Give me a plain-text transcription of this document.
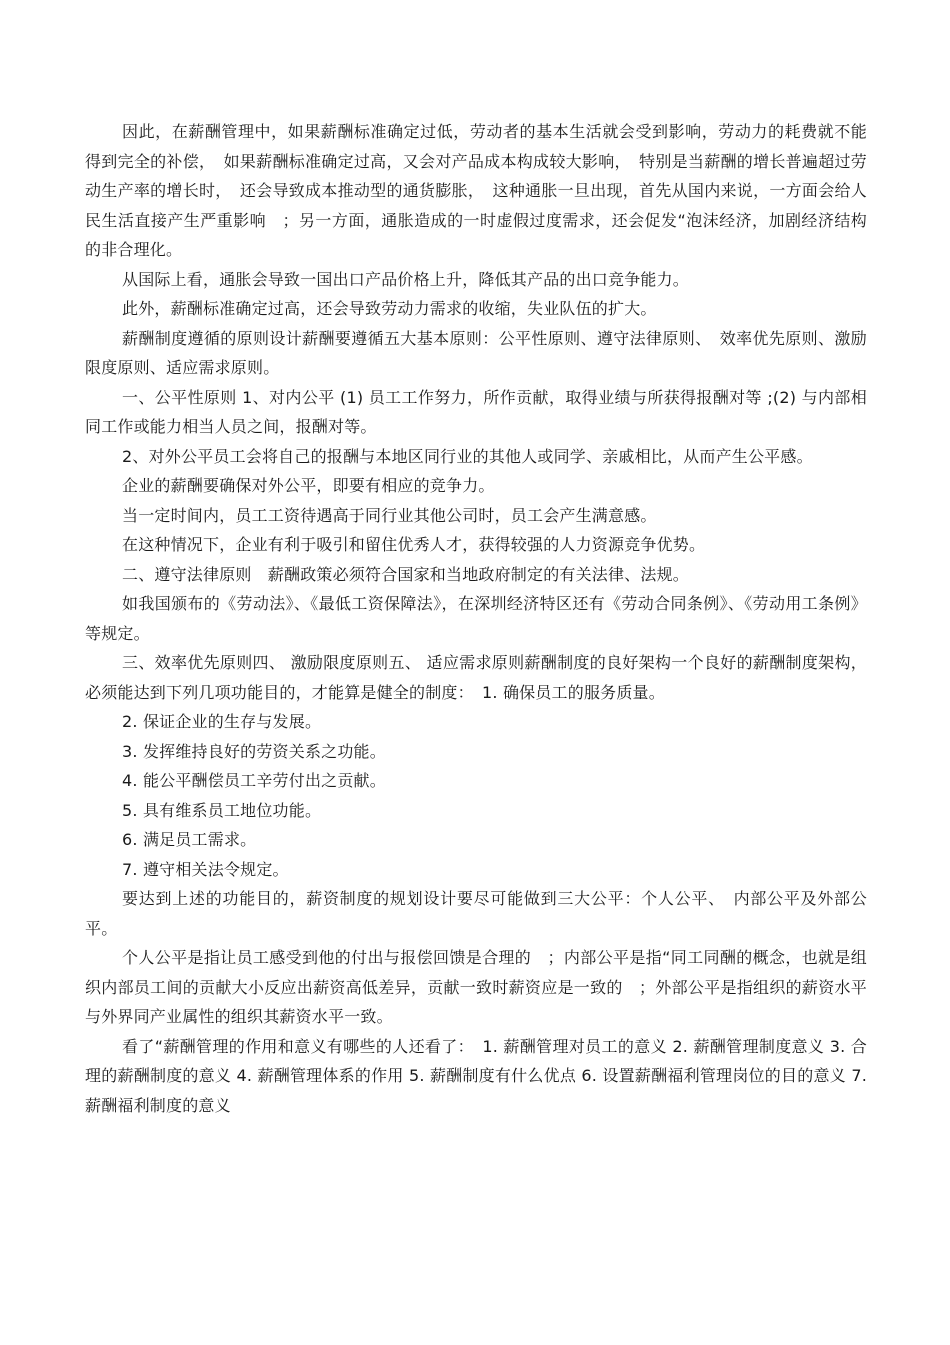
因此，在薪酬管理中，如果薪酬标准确定过低，劳动者的基本生活就会受到影响，劳动力的耗费就不能得到完全的补偿，　如果薪酬标准确定过高，又会对产品成本构成较大影响，　特别是当薪酬的增长普遍超过劳动生产率的增长时，　还会导致成本推动型的通货膨胀，　这种通胀一旦出现，首先从国内来说，一方面会给人民生活直接产生严重影响　；另一方面，通胀造成的一时虚假过度需求，还会促发“泡沫经济，加剧经济结构的非合理化。

从国际上看，通胀会导致一国出口产品价格上升，降低其产品的出口竞争能力。

此外，薪酬标准确定过高，还会导致劳动力需求的收缩，失业队伍的扩大。

薪酬制度遵循的原则设计薪酬要遵循五大基本原则：公平性原则、遵守法律原则、　效率优先原则、激励限度原则、适应需求原则。

一、公平性原则 1、对内公平 (1) 员工工作努力，所作贡献，取得业绩与所获得报酬对等 ;(2) 与内部相同工作或能力相当人员之间，报酬对等。

2、对外公平员工会将自己的报酬与本地区同行业的其他人或同学、亲戚相比，从而产生公平感。

企业的薪酬要确保对外公平，即要有相应的竞争力。

当一定时间内，员工工资待遇高于同行业其他公司时，员工会产生满意感。

在这种情况下，企业有利于吸引和留住优秀人才，获得较强的人力资源竞争优势。

二、遵守法律原则　薪酬政策必须符合国家和当地政府制定的有关法律、法规。

如我国颁布的《劳动法》、《最低工资保障法》，在深圳经济特区还有《劳动合同条例》、《劳动用工条例》等规定。

三、效率优先原则四、 激励限度原则五、 适应需求原则薪酬制度的良好架构一个良好的薪酬制度架构，必须能达到下列几项功能目的，才能算是健全的制度：　1. 确保员工的服务质量。

2. 保证企业的生存与发展。

3. 发挥维持良好的劳资关系之功能。

4. 能公平酬偿员工辛劳付出之贡献。

5. 具有维系员工地位功能。

6. 满足员工需求。

7. 遵守相关法令规定。

要达到上述的功能目的，薪资制度的规划设计要尽可能做到三大公平：个人公平、　内部公平及外部公平。

个人公平是指让员工感受到他的付出与报偿回馈是合理的　；内部公平是指“同工同酬的概念，也就是组织内部员工间的贡献大小反应出薪资高低差异，贡献一致时薪资应是一致的　；外部公平是指组织的薪资水平与外界同产业属性的组织其薪资水平一致。

看了“薪酬管理的作用和意义有哪些的人还看了：　1. 薪酬管理对员工的意义 2. 薪酬管理制度意义 3. 合理的薪酬制度的意义 4. 薪酬管理体系的作用 5. 薪酬制度有什么优点 6. 设置薪酬福利管理岗位的目的意义 7. 薪酬福利制度的意义
